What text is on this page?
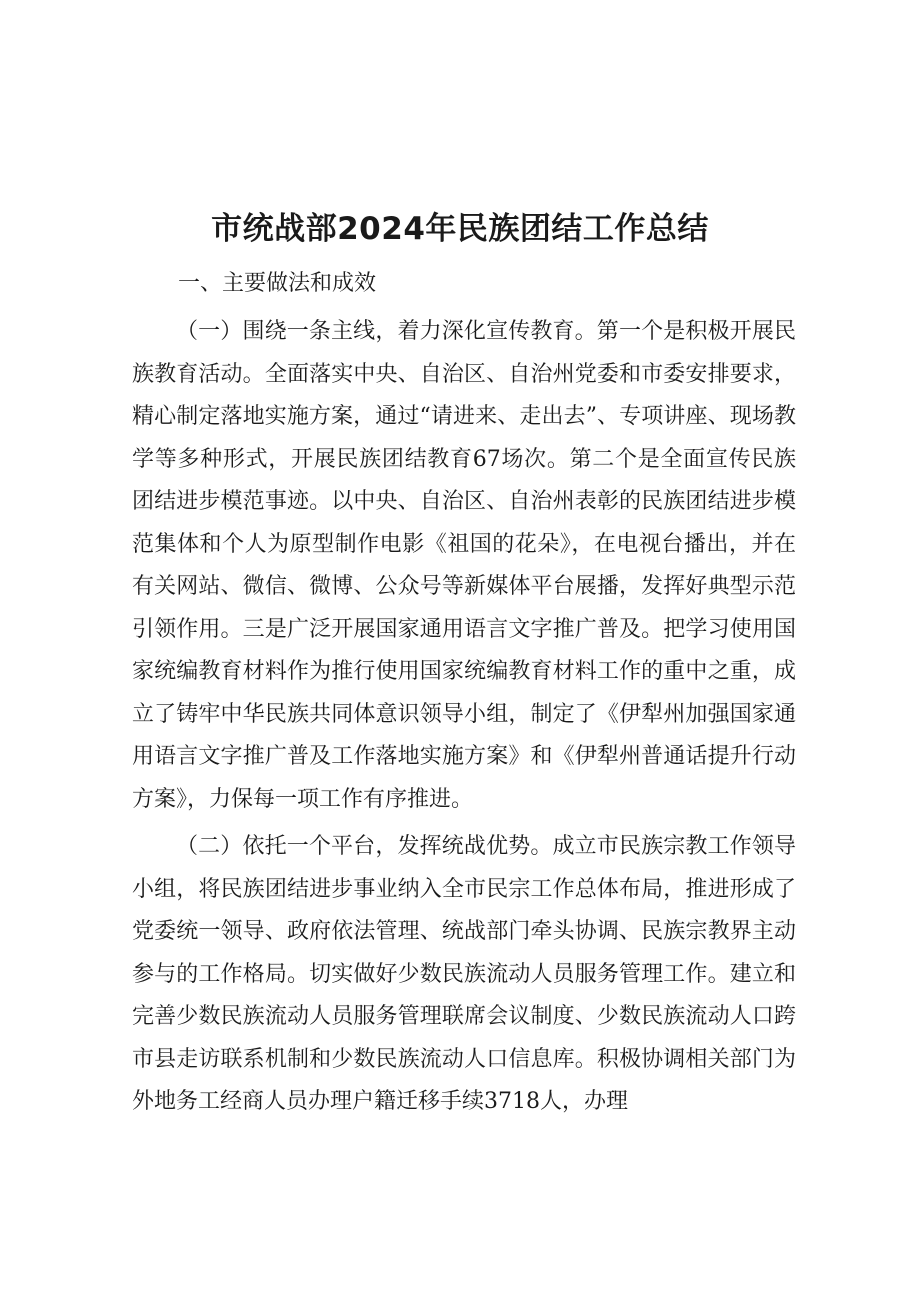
市统战部2024年民族团结工作总结

一、主要做法和成效

（一）围绕一条主线，着力深化宣传教育。第一个是积极开展民族教育活动。全面落实中央、自治区、自治州党委和市委安排要求，精心制定落地实施方案，通过“请进来、走出去”、专项讲座、现场教学等多种形式，开展民族团结教育67场次。第二个是全面宣传民族团结进步模范事迹。以中央、自治区、自治州表彰的民族团结进步模范集体和个人为原型制作电影《祖国的花朵》，在电视台播出，并在有关网站、微信、微博、公众号等新媒体平台展播，发挥好典型示范引领作用。三是广泛开展国家通用语言文字推广普及。把学习使用国家统编教育材料作为推行使用国家统编教育材料工作的重中之重，成立了铸牢中华民族共同体意识领导小组，制定了《伊犁州加强国家通用语言文字推广普及工作落地实施方案》和《伊犁州普通话提升行动方案》，力保每一项工作有序推进。

（二）依托一个平台，发挥统战优势。成立市民族宗教工作领导小组，将民族团结进步事业纳入全市民宗工作总体布局，推进形成了党委统一领导、政府依法管理、统战部门牵头协调、民族宗教界主动参与的工作格局。切实做好少数民族流动人员服务管理工作。建立和完善少数民族流动人员服务管理联席会议制度、少数民族流动人口跨市县走访联系机制和少数民族流动人口信息库。积极协调相关部门为外地务工经商人员办理户籍迁移手续3718人，办理
